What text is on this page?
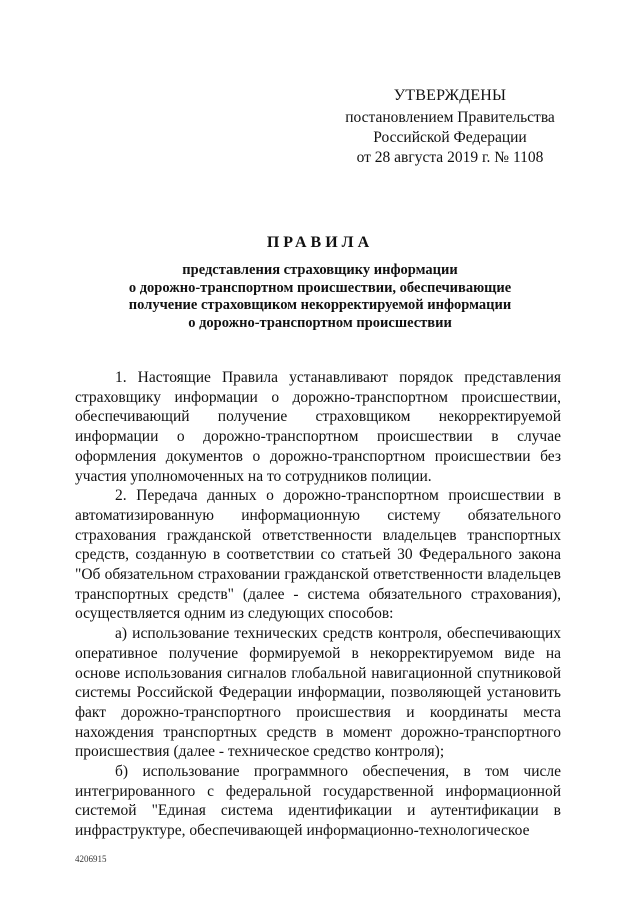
УТВЕРЖДЕНЫ
постановлением Правительства
Российской Федерации
от 28 августа 2019 г. № 1108
ПРАВИЛА
представления страховщику информации
о дорожно-транспортном происшествии, обеспечивающие
получение страховщиком некорректируемой информации
о дорожно-транспортном происшествии

1. Настоящие Правила устанавливают порядок представления страховщику информации о дорожно-транспортном происшествии, обеспечивающий получение страховщиком некорректируемой информации о дорожно-транспортном происшествии в случае оформления документов о дорожно-транспортном происшествии без участия уполномоченных на то сотрудников полиции.

2. Передача данных о дорожно-транспортном происшествии в автоматизированную информационную систему обязательного страхования гражданской ответственности владельцев транспортных средств, созданную в соответствии со статьей 30 Федерального закона "Об обязательном страховании гражданской ответственности владельцев транспортных средств" (далее - система обязательного страхования), осуществляется одним из следующих способов:

а) использование технических средств контроля, обеспечивающих оперативное получение формируемой в некорректируемом виде на основе использования сигналов глобальной навигационной спутниковой системы Российской Федерации информации, позволяющей установить факт дорожно-транспортного происшествия и координаты места нахождения транспортных средств в момент дорожно-транспортного происшествия (далее - техническое средство контроля);

б) использование программного обеспечения, в том числе интегрированного с федеральной государственной информационной системой "Единая система идентификации и аутентификации в инфраструктуре, обеспечивающей информационно-технологическое

4206915
